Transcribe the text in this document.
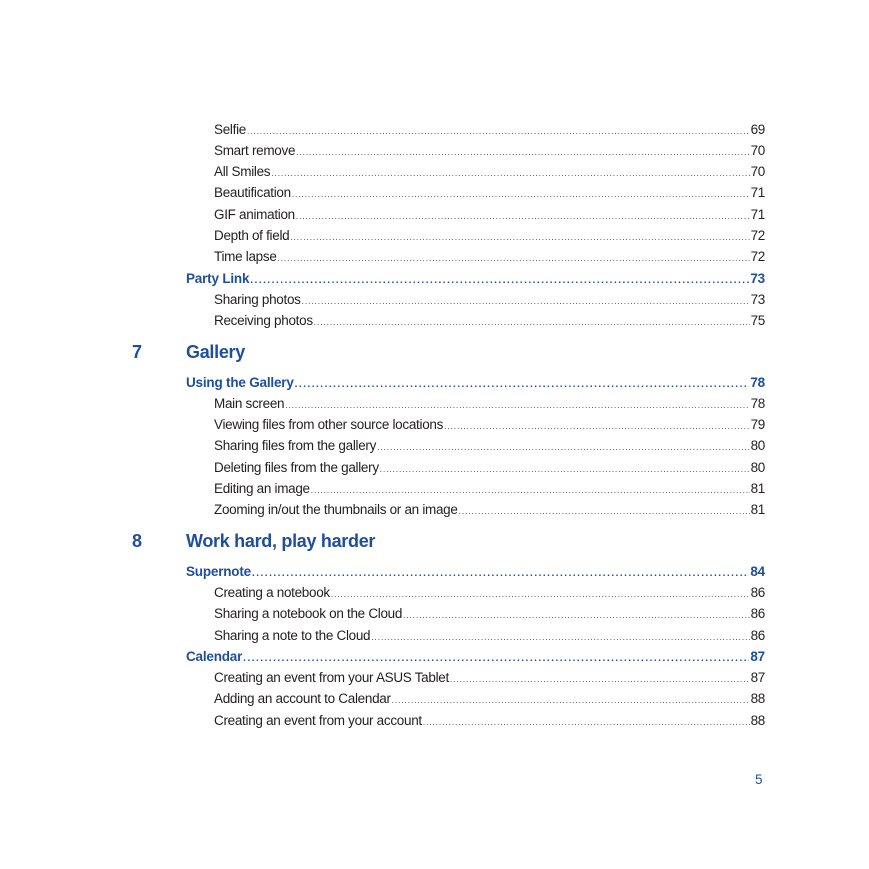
Selfie .....	69
Smart remove .....	70
All Smiles .....	70
Beautification .....	71
GIF animation .....	71
Depth of field .....	72
Time lapse .....	72
Party Link .....	73
Sharing photos .....	73
Receiving photos .....	75
7 Gallery
Using the Gallery .....	78
Main screen .....	78
Viewing files from other source locations .....	79
Sharing files from the gallery .....	80
Deleting files from the gallery .....	80
Editing an image .....	81
Zooming in/out the thumbnails or an image .....	81
8 Work hard, play harder
Supernote .....	84
Creating a notebook .....	86
Sharing a notebook on the Cloud .....	86
Sharing a note to the Cloud .....	86
Calendar .....	87
Creating an event from your ASUS Tablet .....	87
Adding an account to Calendar .....	88
Creating an event from your account .....	88
5
